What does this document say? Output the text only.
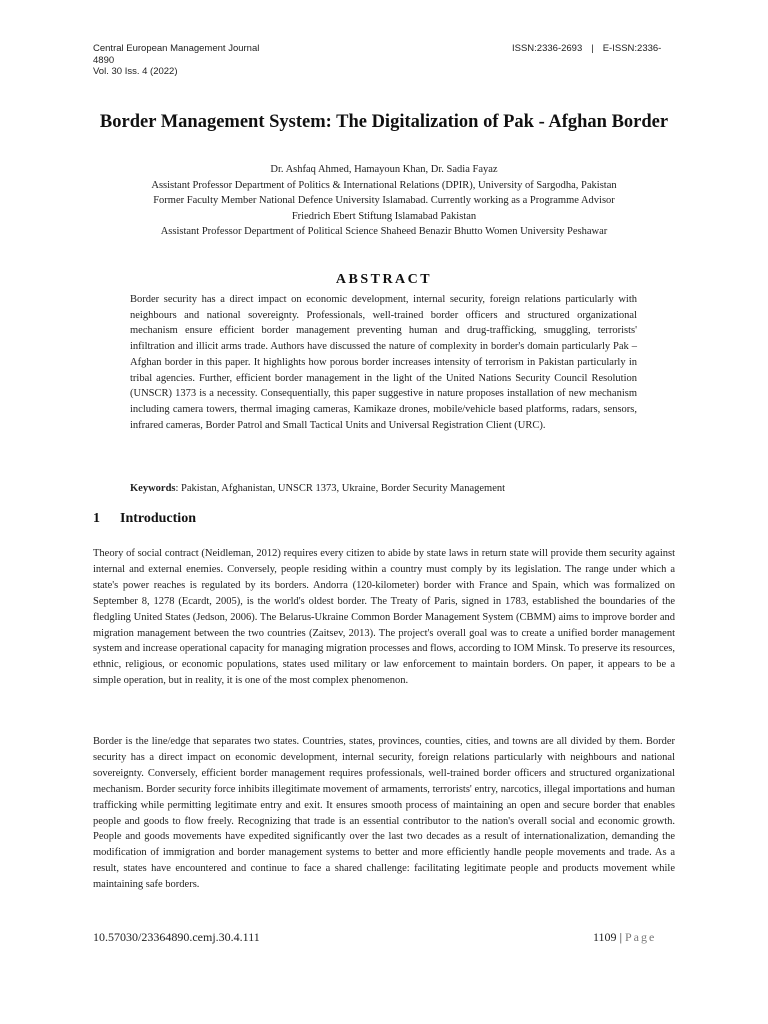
Central European Management Journal
4890
Vol. 30 Iss. 4 (2022)
ISSN:2336-2693 | E-ISSN:2336-
Border Management System: The Digitalization of Pak - Afghan Border
Dr. Ashfaq Ahmed, Hamayoun Khan, Dr. Sadia Fayaz
Assistant Professor Department of Politics & International Relations (DPIR), University of Sargodha, Pakistan
Former Faculty Member National Defence University Islamabad. Currently working as a Programme Advisor
Friedrich Ebert Stiftung Islamabad Pakistan
Assistant Professor Department of Political Science Shaheed Benazir Bhutto Women University Peshawar
ABSTRACT
Border security has a direct impact on economic development, internal security, foreign relations particularly with neighbours and national sovereignty. Professionals, well-trained border officers and structured organizational mechanism ensure efficient border management preventing human and drug-trafficking, smuggling, terrorists' infiltration and illicit arms trade. Authors have discussed the nature of complexity in border's domain particularly Pak – Afghan border in this paper. It highlights how porous border increases intensity of terrorism in Pakistan particularly in tribal agencies. Further, efficient border management in the light of the United Nations Security Council Resolution (UNSCR) 1373 is a necessity. Consequentially, this paper suggestive in nature proposes installation of new mechanism including camera towers, thermal imaging cameras, Kamikaze drones, mobile/vehicle based platforms, radars, sensors, infrared cameras, Border Patrol and Small Tactical Units and Universal Registration Client (URC).
Keywords: Pakistan, Afghanistan, UNSCR 1373, Ukraine, Border Security Management
1 Introduction
Theory of social contract (Neidleman, 2012) requires every citizen to abide by state laws in return state will provide them security against internal and external enemies. Conversely, people residing within a country must comply by its legislation. The range under which a state's power reaches is regulated by its borders. Andorra (120-kilometer) border with France and Spain, which was formalized on September 8, 1278 (Ecardt, 2005), is the world's oldest border. The Treaty of Paris, signed in 1783, established the boundaries of the fledgling United States (Jedson, 2006). The Belarus-Ukraine Common Border Management System (CBMM) aims to improve border and migration management between the two countries (Zaitsev, 2013). The project's overall goal was to create a unified border management system and increase operational capacity for managing migration processes and flows, according to IOM Minsk. To preserve its resources, ethnic, religious, or economic populations, states used military or law enforcement to maintain borders. On paper, it appears to be a simple operation, but in reality, it is one of the most complex phenomenon.
Border is the line/edge that separates two states. Countries, states, provinces, counties, cities, and towns are all divided by them. Border security has a direct impact on economic development, internal security, foreign relations particularly with neighbours and national sovereignty. Conversely, efficient border management requires professionals, well-trained border officers and structured organizational mechanism. Border security force inhibits illegitimate movement of armaments, terrorists' entry, narcotics, illegal importations and human trafficking while permitting legitimate entry and exit. It ensures smooth process of maintaining an open and secure border that enables people and goods to flow freely. Recognizing that trade is an essential contributor to the nation's overall social and economic growth. People and goods movements have expedited significantly over the last two decades as a result of internationalization, demanding the modification of immigration and border management systems to better and more efficiently handle people movements and trade. As a result, states have encountered and continue to face a shared challenge: facilitating legitimate people and products movement while maintaining safe borders.
10.57030/23364890.cemj.30.4.111	1109 | Page
